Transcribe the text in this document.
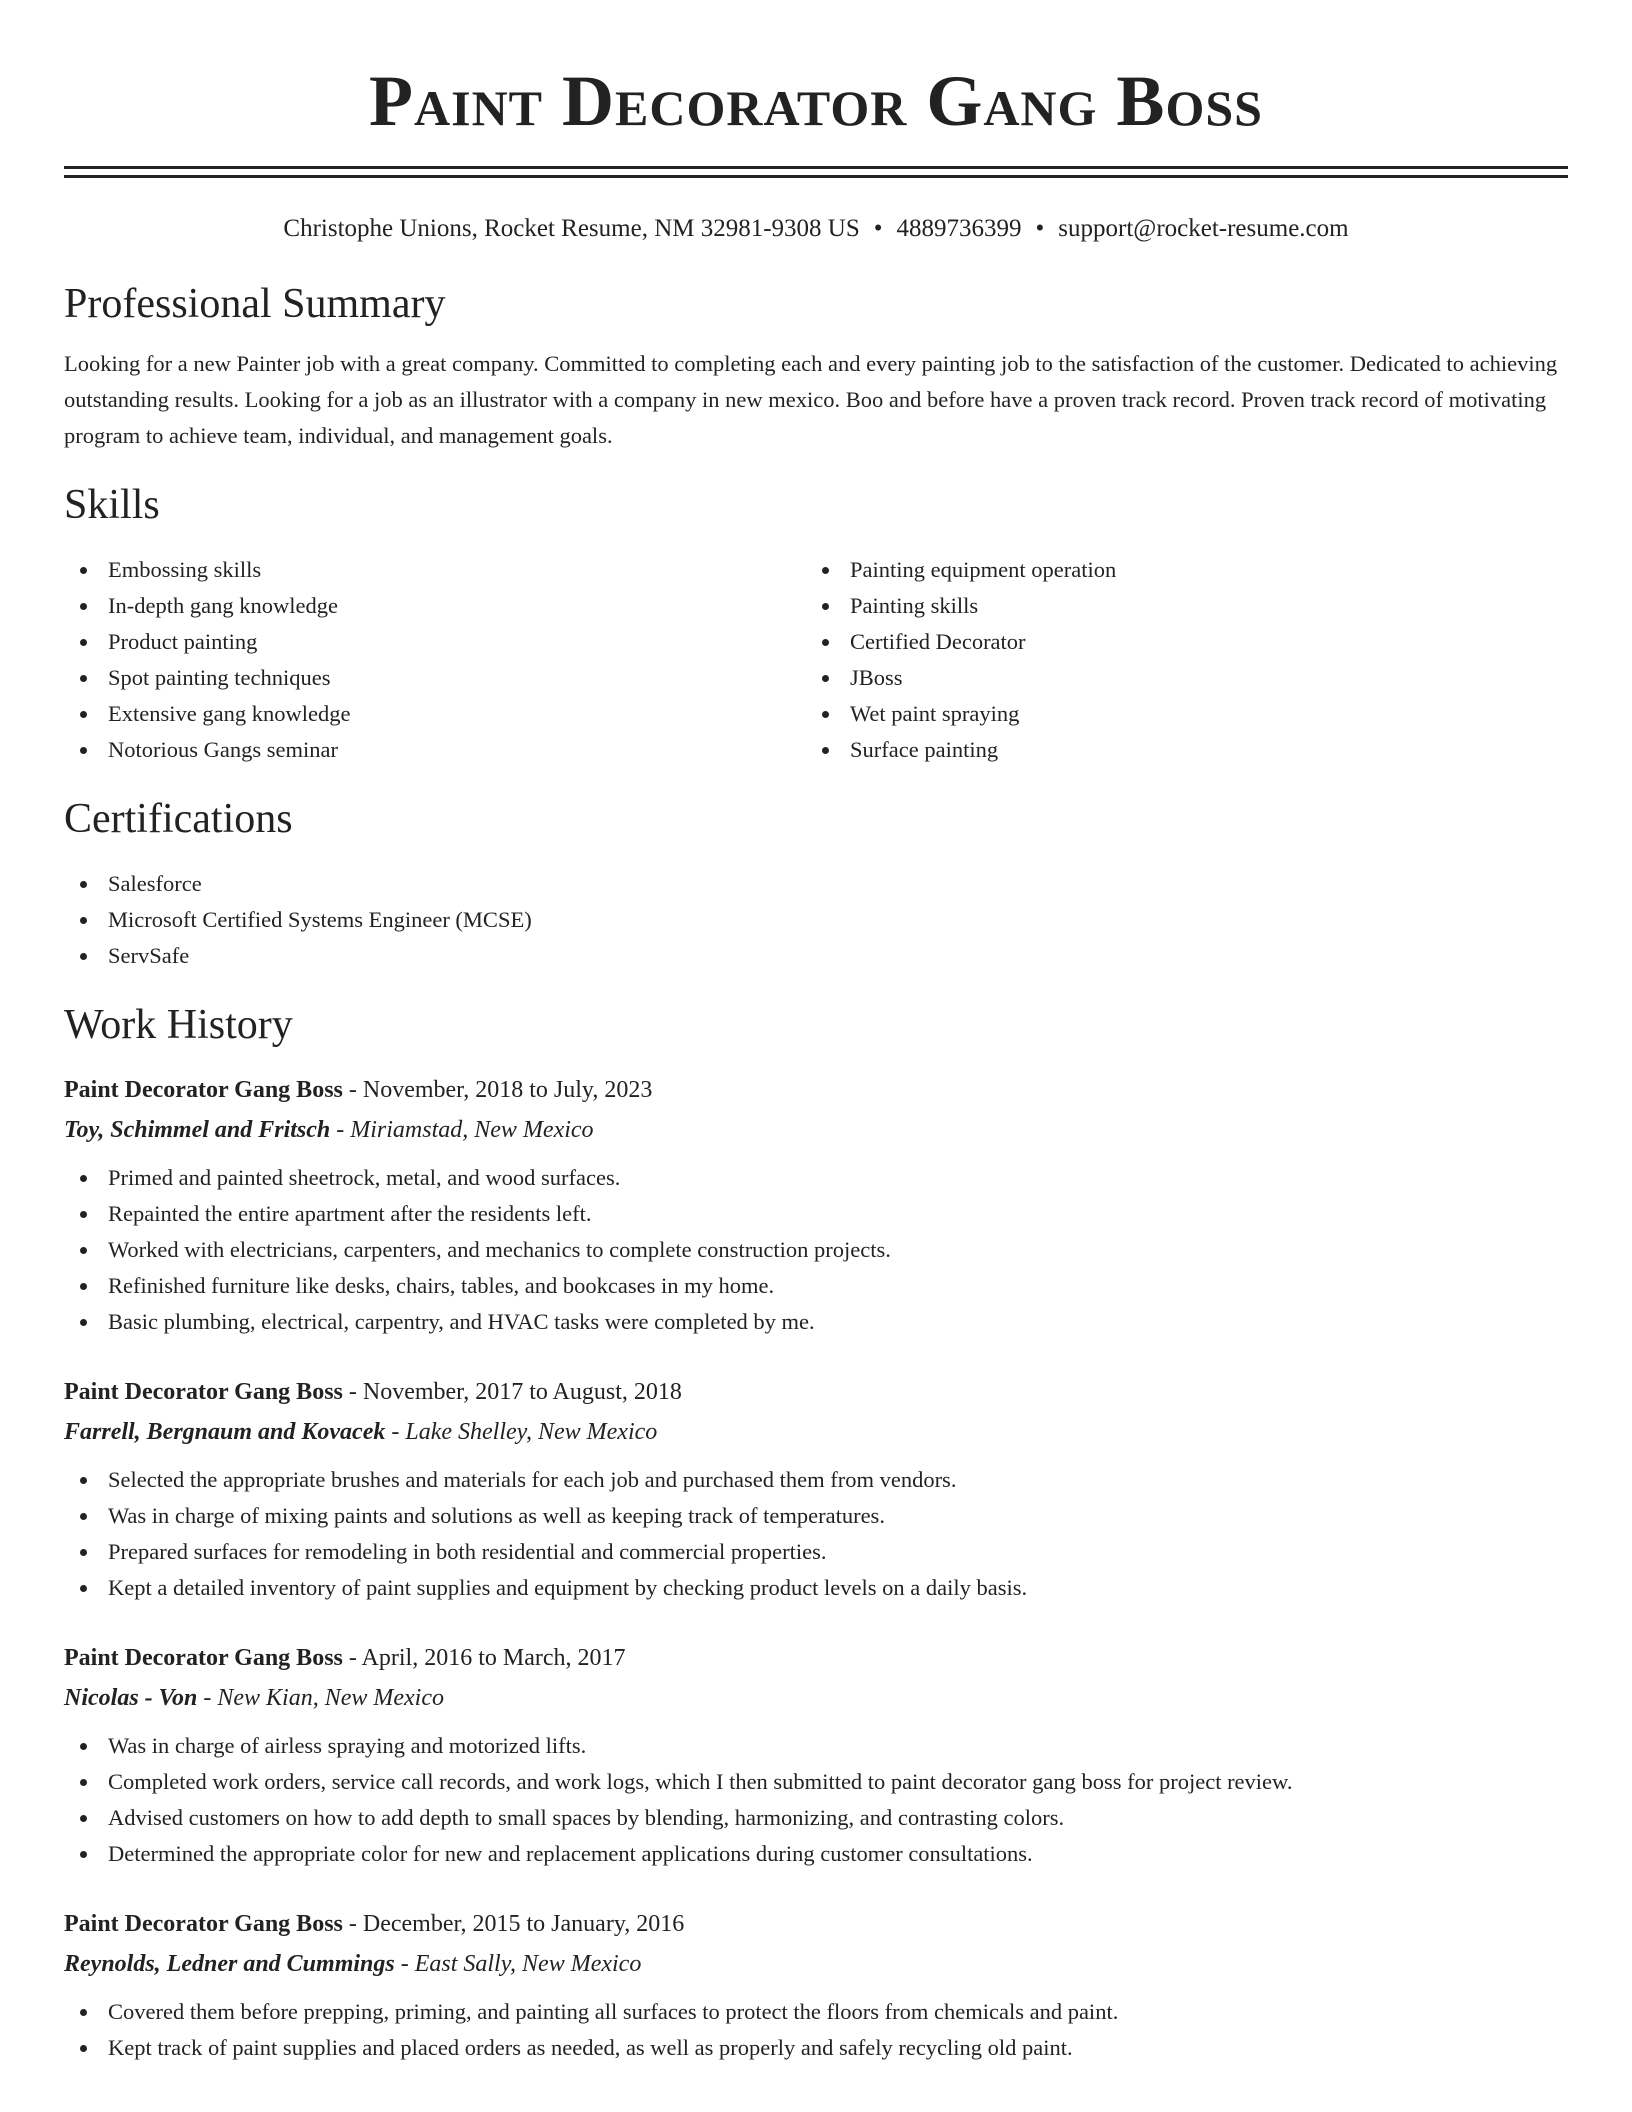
Paint Decorator Gang Boss
Christophe Unions, Rocket Resume, NM 32981-9308 US • 4889736399 • support@rocket-resume.com
Professional Summary

Looking for a new Painter job with a great company. Committed to completing each and every painting job to the satisfaction of the customer. Dedicated to achieving outstanding results. Looking for a job as an illustrator with a company in new mexico. Boo and before have a proven track record. Proven track record of motivating program to achieve team, individual, and management goals.

Skills
Embossing skills
In-depth gang knowledge
Product painting
Spot painting techniques
Extensive gang knowledge
Notorious Gangs seminar
Painting equipment operation
Painting skills
Certified Decorator
JBoss
Wet paint spraying
Surface painting
Certifications
Salesforce
Microsoft Certified Systems Engineer (MCSE)
ServSafe
Work History
Paint Decorator Gang Boss - November, 2018 to July, 2023
Toy, Schimmel and Fritsch - Miriamstad, New Mexico
Primed and painted sheetrock, metal, and wood surfaces.
Repainted the entire apartment after the residents left.
Worked with electricians, carpenters, and mechanics to complete construction projects.
Refinished furniture like desks, chairs, tables, and bookcases in my home.
Basic plumbing, electrical, carpentry, and HVAC tasks were completed by me.
Paint Decorator Gang Boss - November, 2017 to August, 2018
Farrell, Bergnaum and Kovacek - Lake Shelley, New Mexico
Selected the appropriate brushes and materials for each job and purchased them from vendors.
Was in charge of mixing paints and solutions as well as keeping track of temperatures.
Prepared surfaces for remodeling in both residential and commercial properties.
Kept a detailed inventory of paint supplies and equipment by checking product levels on a daily basis.
Paint Decorator Gang Boss - April, 2016 to March, 2017
Nicolas - Von - New Kian, New Mexico
Was in charge of airless spraying and motorized lifts.
Completed work orders, service call records, and work logs, which I then submitted to paint decorator gang boss for project review.
Advised customers on how to add depth to small spaces by blending, harmonizing, and contrasting colors.
Determined the appropriate color for new and replacement applications during customer consultations.
Paint Decorator Gang Boss - December, 2015 to January, 2016
Reynolds, Ledner and Cummings - East Sally, New Mexico
Covered them before prepping, priming, and painting all surfaces to protect the floors from chemicals and paint.
Kept track of paint supplies and placed orders as needed, as well as properly and safely recycling old paint.
